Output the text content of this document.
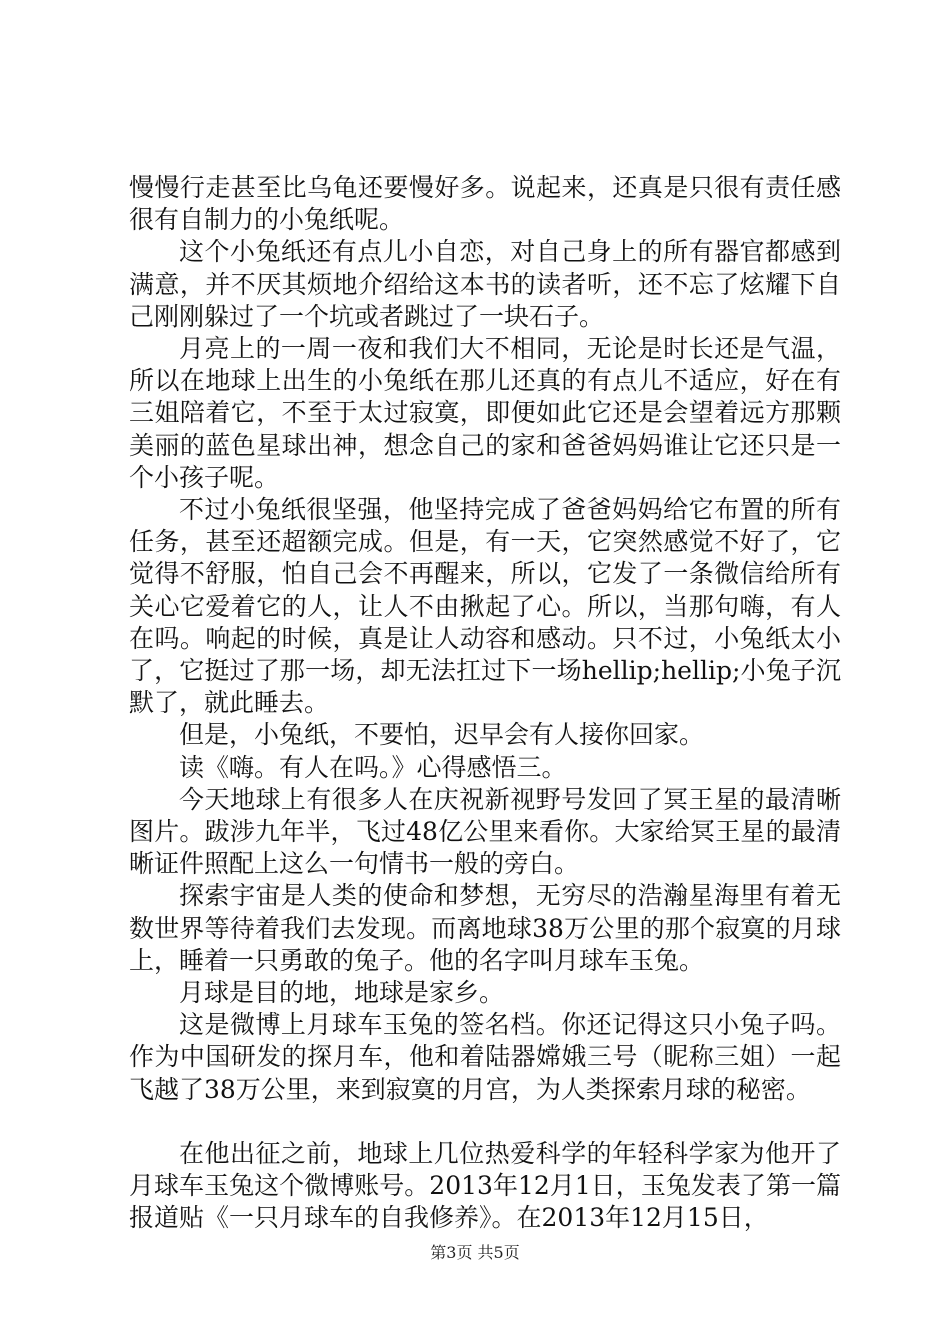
慢慢行走甚至比乌龟还要慢好多。说起来，还真是只很有责任感很有自制力的小兔纸呢。

这个小兔纸还有点儿小自恋，对自己身上的所有器官都感到满意，并不厌其烦地介绍给这本书的读者听，还不忘了炫耀下自己刚刚躲过了一个坑或者跳过了一块石子。

月亮上的一周一夜和我们大不相同，无论是时长还是气温，所以在地球上出生的小兔纸在那儿还真的有点儿不适应，好在有三姐陪着它，不至于太过寂寞，即便如此它还是会望着远方那颗美丽的蓝色星球出神，想念自己的家和爸爸妈妈谁让它还只是一个小孩子呢。

不过小兔纸很坚强，他坚持完成了爸爸妈妈给它布置的所有任务，甚至还超额完成。但是，有一天，它突然感觉不好了，它觉得不舒服，怕自己会不再醒来，所以，它发了一条微信给所有关心它爱着它的人，让人不由揪起了心。所以，当那句嗨，有人在吗。响起的时候，真是让人动容和感动。只不过，小兔纸太小了，它挺过了那一场，却无法扛过下一场hellip;hellip;小兔子沉默了，就此睡去。

但是，小兔纸，不要怕，迟早会有人接你回家。

读《嗨。有人在吗。》心得感悟三。

今天地球上有很多人在庆祝新视野号发回了冥王星的最清晰图片。跋涉九年半，飞过48亿公里来看你。大家给冥王星的最清晰证件照配上这么一句情书一般的旁白。

探索宇宙是人类的使命和梦想，无穷尽的浩瀚星海里有着无数世界等待着我们去发现。而离地球38万公里的那个寂寞的月球上，睡着一只勇敢的兔子。他的名字叫月球车玉兔。

月球是目的地，地球是家乡。

这是微博上月球车玉兔的签名档。你还记得这只小兔子吗。作为中国研发的探月车，他和着陆器嫦娥三号（昵称三姐）一起飞越了38万公里，来到寂寞的月宫，为人类探索月球的秘密。

在他出征之前，地球上几位热爱科学的年轻科学家为他开了月球车玉兔这个微博账号。2013年12月1日，玉兔发表了第一篇报道贴《一只月球车的自我修养》。在2013年12月15日，

第3页 共5页
